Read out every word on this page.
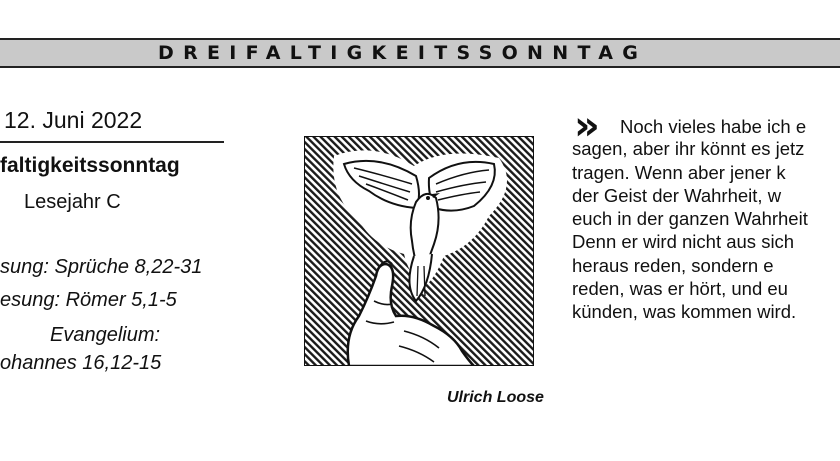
DREIFALTIGKEITSSONNTAG
12. Juni 2022
faltigkeitssonntag
Lesejahr C
sung: Sprüche 8,22-31
esung: Römer 5,1-5
Evangelium:
ohannes 16,12-15
Ulrich Loose
» Noch vieles habe ich e
sagen, aber ihr könnt es jetz
tragen. Wenn aber jener k
der Geist der Wahrheit, w
euch in der ganzen Wahrheit
Denn er wird nicht aus sich
heraus reden, sondern e
reden, was er hört, und eu
künden, was kommen wird.
